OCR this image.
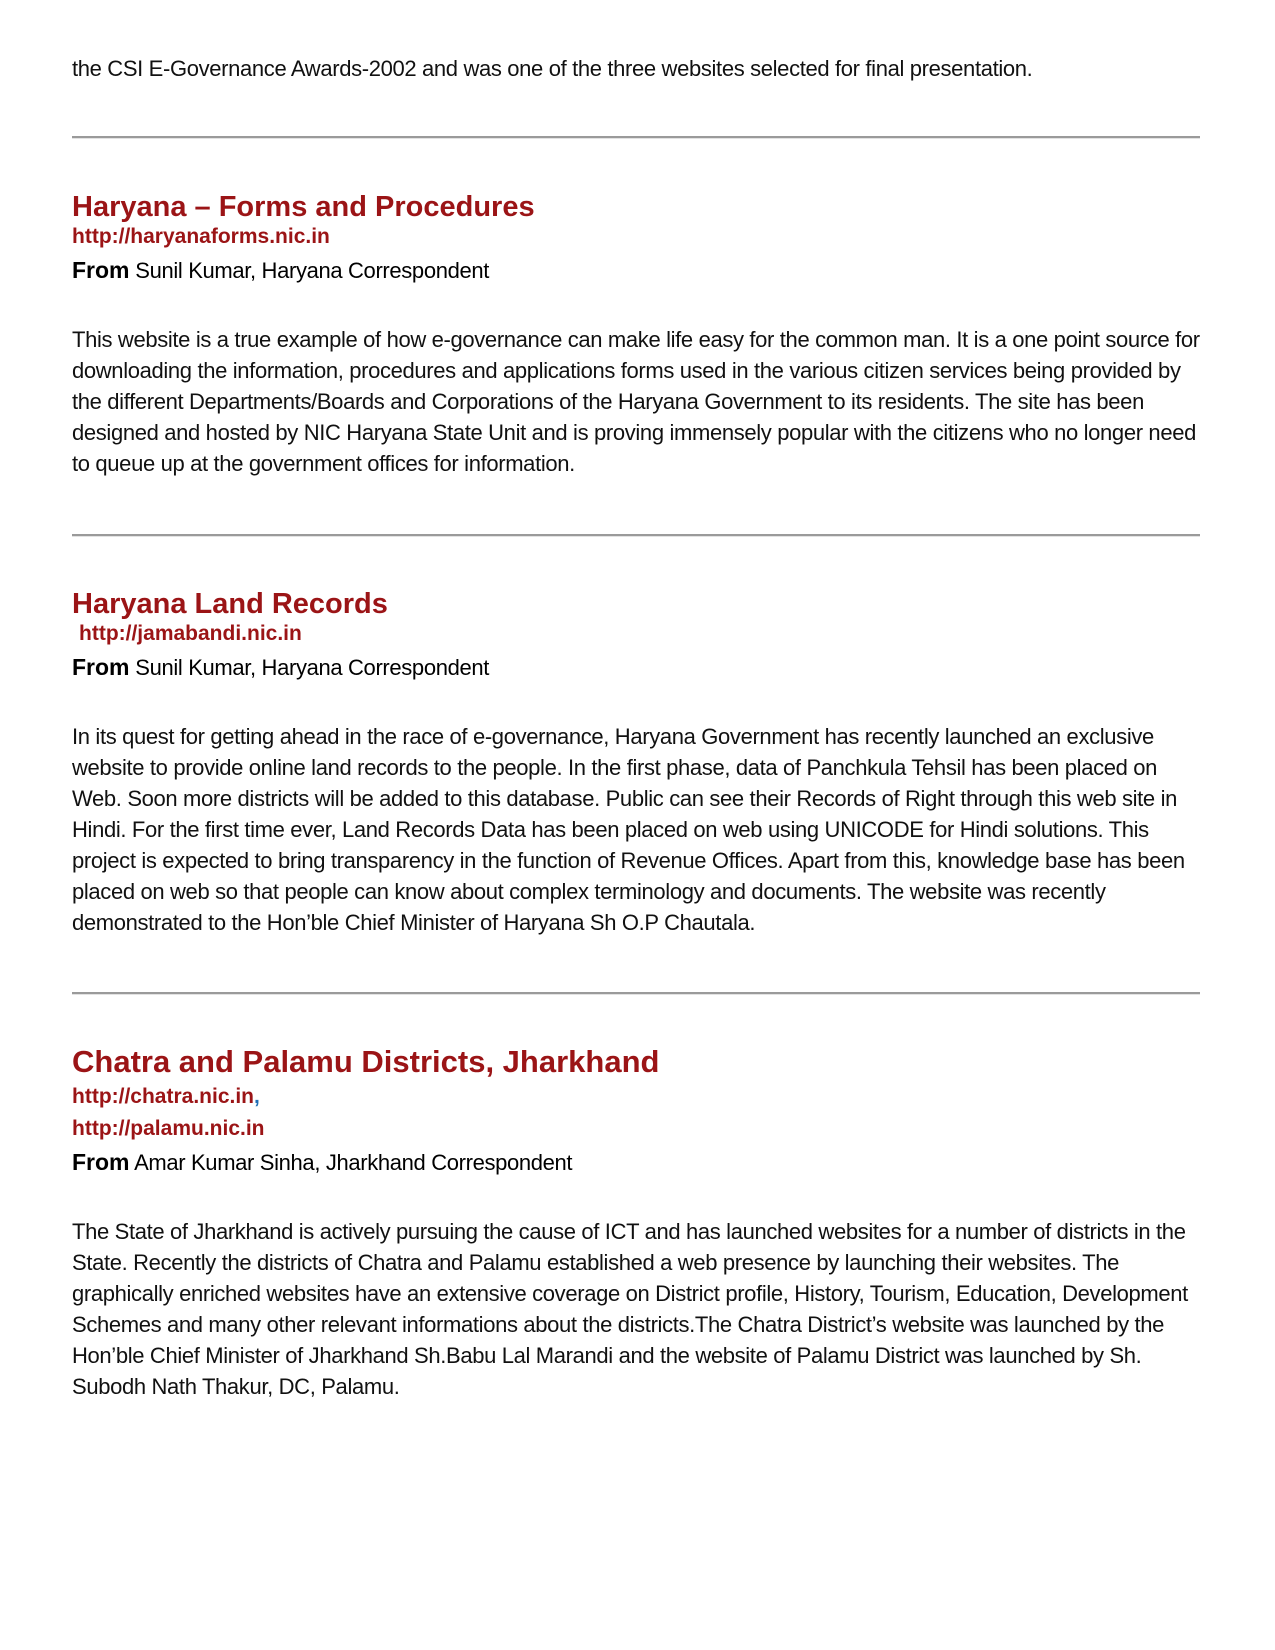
the CSI E-Governance Awards-2002 and was one of the three websites selected for final presentation.

Haryana – Forms and Procedures
http://haryanaforms.nic.in

From Sunil Kumar, Haryana Correspondent

This website is a true example of how e-governance can make life easy for the common man. It is a one point source for downloading the information, procedures and applications forms used in the various citizen services being provided by the different Departments/Boards and Corporations of the Haryana Government to its residents. The site has been designed and hosted by NIC Haryana State Unit and is proving immensely popular with the citizens who no longer need to queue up at the government offices for information.

Haryana Land Records
http://jamabandi.nic.in

From Sunil Kumar, Haryana Correspondent

In its quest for getting ahead in the race of e-governance, Haryana Government has recently launched an exclusive website to provide online land records to the people. In the first phase, data of Panchkula Tehsil has been placed on Web. Soon more districts will be added to this database. Public can see their Records of Right through this web site in Hindi. For the first time ever, Land Records Data has been placed on web using UNICODE for Hindi solutions. This project is expected to bring transparency in the function of Revenue Offices. Apart from this, knowledge base has been placed on web so that people can know about complex terminology and documents. The website was recently demonstrated to the Hon’ble Chief Minister of Haryana Sh O.P Chautala.

Chatra and Palamu Districts, Jharkhand

http://chatra.nic.in,

http://palamu.nic.in

From Amar Kumar Sinha, Jharkhand Correspondent

The State of Jharkhand is actively pursuing the cause of ICT and has launched websites for a number of districts in the State. Recently the districts of Chatra and Palamu established a web presence by launching their websites. The graphically enriched websites have an extensive coverage on District profile, History, Tourism, Education, Development Schemes and many other relevant informations about the districts.The Chatra District’s website was launched by the Hon’ble Chief Minister of Jharkhand Sh.Babu Lal Marandi and the website of Palamu District was launched by Sh. Subodh Nath Thakur, DC, Palamu.
